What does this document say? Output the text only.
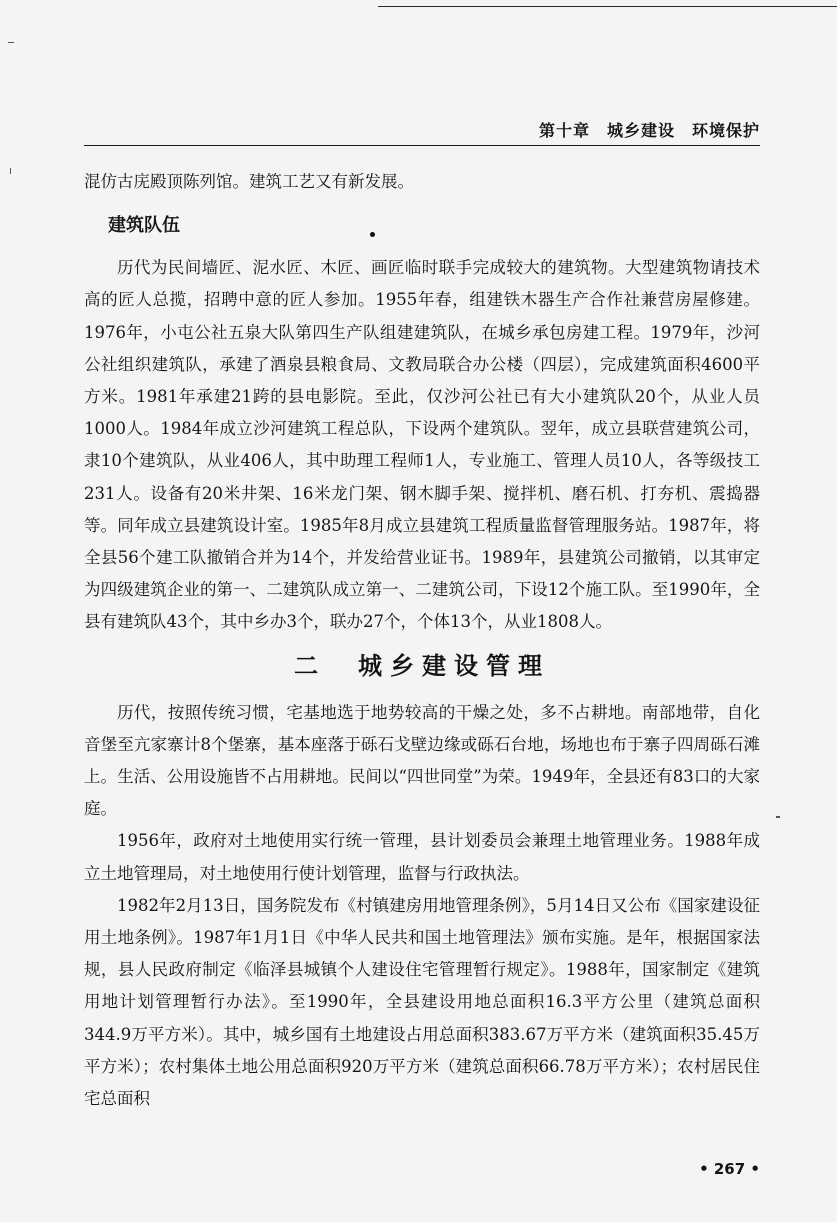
第十章　城乡建设　环境保护

混仿古庑殿顶陈列馆。建筑工艺又有新发展。

建筑队伍

历代为民间墙匠、泥水匠、木匠、画匠临时联手完成较大的建筑物。大型建筑物请技术高的匠人总揽，招聘中意的匠人参加。1955年春，组建铁木器生产合作社兼营房屋修建。1976年，小屯公社五泉大队第四生产队组建建筑队，在城乡承包房建工程。1979年，沙河公社组织建筑队，承建了酒泉县粮食局、文教局联合办公楼（四层），完成建筑面积4600平方米。1981年承建21跨的县电影院。至此，仅沙河公社已有大小建筑队20个，从业人员1000人。1984年成立沙河建筑工程总队，下设两个建筑队。翌年，成立县联营建筑公司，隶10个建筑队，从业406人，其中助理工程师1人，专业施工、管理人员10人，各等级技工231人。设备有20米井架、16米龙门架、钢木脚手架、搅拌机、磨石机、打夯机、震捣器等。同年成立县建筑设计室。1985年8月成立县建筑工程质量监督管理服务站。1987年，将全县56个建工队撤销合并为14个，并发给营业证书。1989年，县建筑公司撤销，以其审定为四级建筑企业的第一、二建筑队成立第一、二建筑公司，下设12个施工队。至1990年，全县有建筑队43个，其中乡办3个，联办27个，个体13个，从业1808人。

二　城乡建设管理

历代，按照传统习惯，宅基地选于地势较高的干燥之处，多不占耕地。南部地带，自化音堡至亢家寨计8个堡寨，基本座落于砾石戈壁边缘或砾石台地，场地也布于寨子四周砾石滩上。生活、公用设施皆不占用耕地。民间以“四世同堂”为荣。1949年，全县还有83口的大家庭。

1956年，政府对土地使用实行统一管理，县计划委员会兼理土地管理业务。1988年成立土地管理局，对土地使用行使计划管理，监督与行政执法。

1982年2月13日，国务院发布《村镇建房用地管理条例》，5月14日又公布《国家建设征用土地条例》。1987年1月1日《中华人民共和国土地管理法》颁布实施。是年，根据国家法规，县人民政府制定《临泽县城镇个人建设住宅管理暂行规定》。1988年，国家制定《建筑用地计划管理暂行办法》。至1990年，全县建设用地总面积16.3平方公里（建筑总面积344.9万平方米）。其中，城乡国有土地建设占用总面积383.67万平方米（建筑面积35.45万平方米）；农村集体土地公用总面积920万平方米（建筑总面积66.78万平方米）；农村居民住宅总面积

• 267 •
